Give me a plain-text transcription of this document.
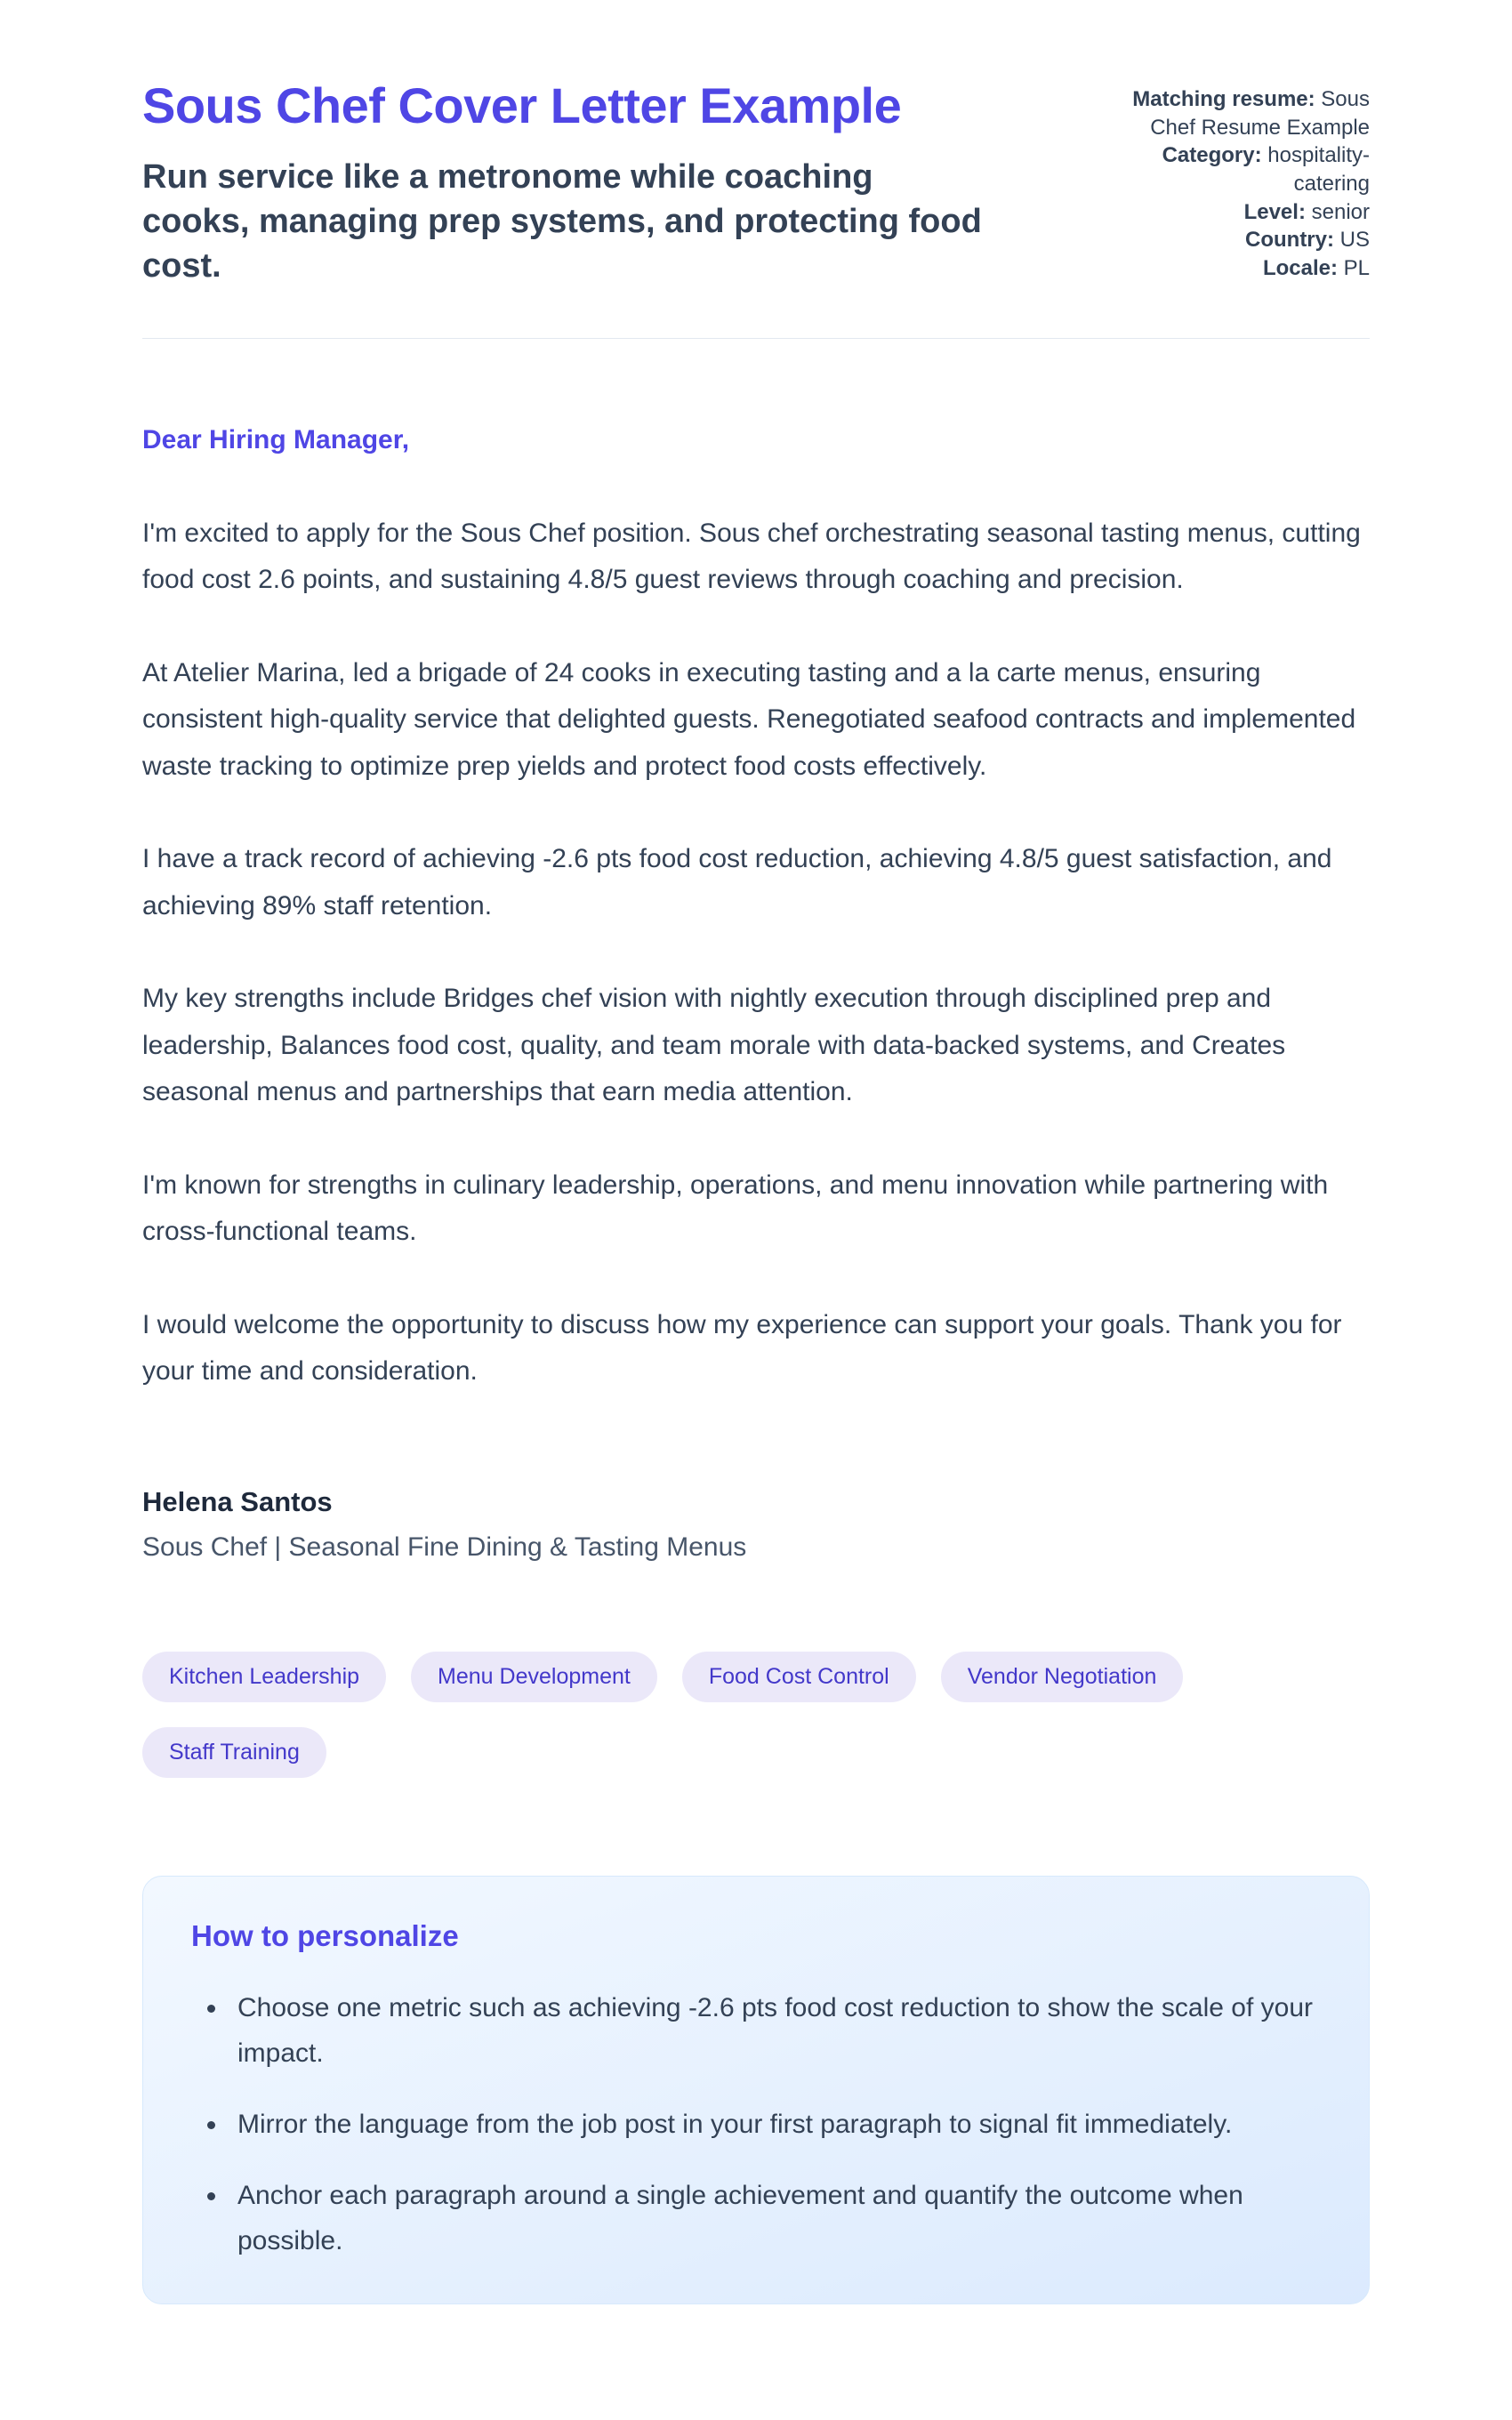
Sous Chef Cover Letter Example
Run service like a metronome while coaching cooks, managing prep systems, and protecting food cost.
Matching resume: Sous Chef Resume Example
Category: hospitality-catering
Level: senior
Country: US
Locale: PL

Dear Hiring Manager,

I'm excited to apply for the Sous Chef position. Sous chef orchestrating seasonal tasting menus, cutting food cost 2.6 points, and sustaining 4.8/5 guest reviews through coaching and precision.

At Atelier Marina, led a brigade of 24 cooks in executing tasting and a la carte menus, ensuring consistent high-quality service that delighted guests. Renegotiated seafood contracts and implemented waste tracking to optimize prep yields and protect food costs effectively.

I have a track record of achieving -2.6 pts food cost reduction, achieving 4.8/5 guest satisfaction, and achieving 89% staff retention.

My key strengths include Bridges chef vision with nightly execution through disciplined prep and leadership, Balances food cost, quality, and team morale with data-backed systems, and Creates seasonal menus and partnerships that earn media attention.

I'm known for strengths in culinary leadership, operations, and menu innovation while partnering with cross-functional teams.

I would welcome the opportunity to discuss how my experience can support your goals. Thank you for your time and consideration.

Helena Santos

Sous Chef | Seasonal Fine Dining & Tasting Menus

Kitchen Leadership	Menu Development	Food Cost Control	Vendor Negotiation
Staff Training
How to personalize
• Choose one metric such as achieving -2.6 pts food cost reduction to show the scale of your impact.
• Mirror the language from the job post in your first paragraph to signal fit immediately.
• Anchor each paragraph around a single achievement and quantify the outcome when possible.
